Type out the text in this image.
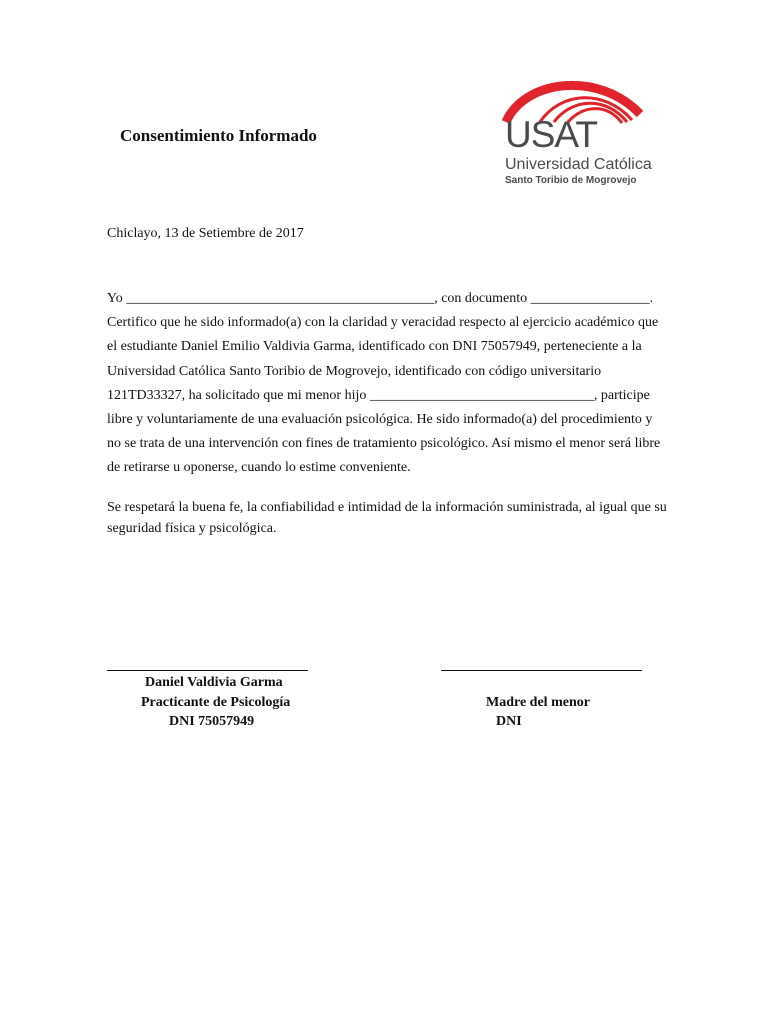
Consentimiento Informado	USAT
Universidad Católica
Santo Toribio de Mogrovejo
Chiclayo, 13 de Setiembre de 2017
Yo ____________________________________________, con documento _________________.
Certifico que he sido informado(a) con la claridad y veracidad respecto al ejercicio académico que
el estudiante Daniel Emilio Valdivia Garma, identificado con DNI 75057949, perteneciente a la
Universidad Católica Santo Toribio de Mogrovejo, identificado con código universitario
121TD33327, ha solicitado que mi menor hijo ________________________________, participe
libre y voluntariamente de una evaluación psicológica. He sido informado(a) del procedimiento y
no se trata de una intervención con fines de tratamiento psicológico. Así mismo el menor será libre
de retirarse u oponerse, cuando lo estime conveniente.
Se respetará la buena fe, la confiabilidad e intimidad de la información suministrada, al igual que su
seguridad física y psicológica.
Daniel Valdivia Garma
Practicante de Psicología
DNI 75057949
Madre del menor
DNI
